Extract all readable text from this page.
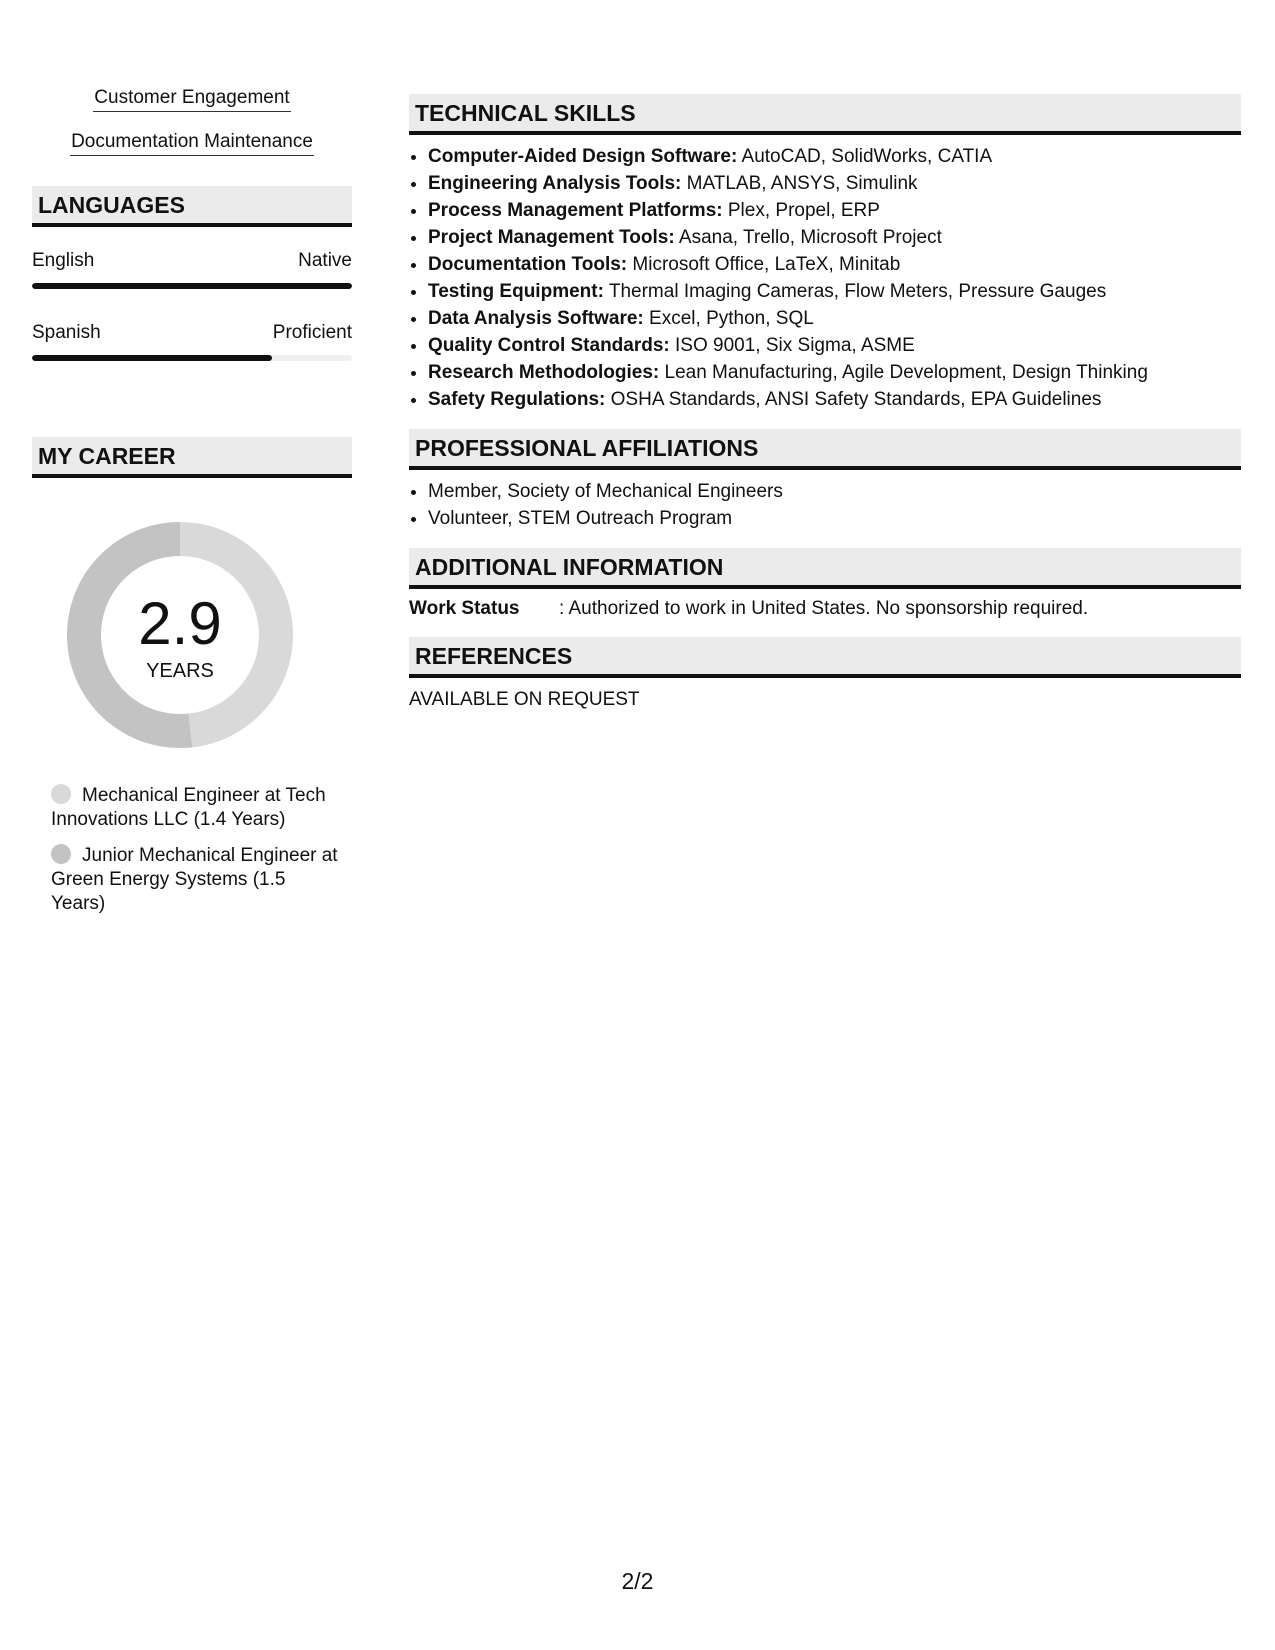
Customer Engagement
Documentation Maintenance
LANGUAGES
English	Native
Spanish	Proficient
MY CAREER
2.9
YEARS
Mechanical Engineer at Tech Innovations LLC (1.4 Years)
Junior Mechanical Engineer at Green Energy Systems (1.5 Years)
TECHNICAL SKILLS
• Computer-Aided Design Software: AutoCAD, SolidWorks, CATIA
• Engineering Analysis Tools: MATLAB, ANSYS, Simulink
• Process Management Platforms: Plex, Propel, ERP
• Project Management Tools: Asana, Trello, Microsoft Project
• Documentation Tools: Microsoft Office, LaTeX, Minitab
• Testing Equipment: Thermal Imaging Cameras, Flow Meters, Pressure Gauges
• Data Analysis Software: Excel, Python, SQL
• Quality Control Standards: ISO 9001, Six Sigma, ASME
• Research Methodologies: Lean Manufacturing, Agile Development, Design Thinking
• Safety Regulations: OSHA Standards, ANSI Safety Standards, EPA Guidelines
PROFESSIONAL AFFILIATIONS
• Member, Society of Mechanical Engineers
• Volunteer, STEM Outreach Program
ADDITIONAL INFORMATION
Work Status	: Authorized to work in United States. No sponsorship required.
REFERENCES
AVAILABLE ON REQUEST
2/2
